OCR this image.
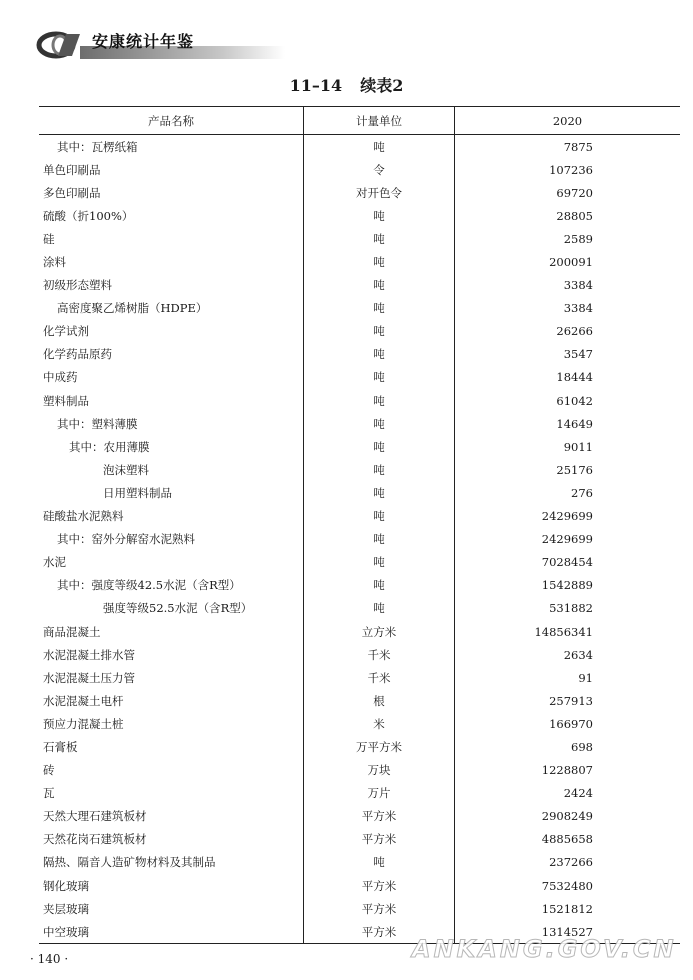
安康统计年鉴
11–14 续表2
产品名称	计量单位	2020
其中：瓦楞纸箱	吨	7875
单色印刷品	令	107236
多色印刷品	对开色令	69720
硫酸（折100%）	吨	28805
硅	吨	2589
涂料	吨	200091
初级形态塑料	吨	3384
高密度聚乙烯树脂（HDPE）	吨	3384
化学试剂	吨	26266
化学药品原药	吨	3547
中成药	吨	18444
塑料制品	吨	61042
其中：塑料薄膜	吨	14649
其中：农用薄膜	吨	9011
泡沫塑料	吨	25176
日用塑料制品	吨	276
硅酸盐水泥熟料	吨	2429699
其中：窑外分解窑水泥熟料	吨	2429699
水泥	吨	7028454
其中：强度等级42.5水泥（含R型）	吨	1542889
强度等级52.5水泥（含R型）	吨	531882
商品混凝土	立方米	14856341
水泥混凝土排水管	千米	2634
水泥混凝土压力管	千米	91
水泥混凝土电杆	根	257913
预应力混凝土桩	米	166970
石膏板	万平方米	698
砖	万块	1228807
瓦	万片	2424
天然大理石建筑板材	平方米	2908249
天然花岗石建筑板材	平方米	4885658
隔热、隔音人造矿物材料及其制品	吨	237266
钢化玻璃	平方米	7532480
夹层玻璃	平方米	1521812
中空玻璃	平方米	1314527
· 140 ·	ANKANG.GOV.CN
